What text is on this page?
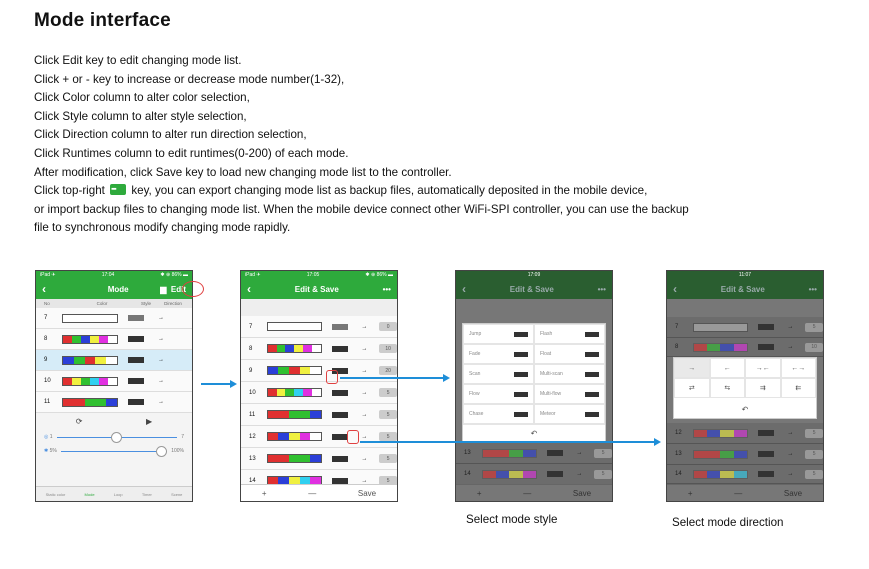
Mode interface
Click Edit key to edit changing mode list.
Click + or - key to increase or decrease mode number(1-32),
Click Color column to alter color selection,
Click Style column to alter style selection,
Click Direction column to alter run direction selection,
Click Runtimes column to edit runtimes(0-200) of each mode.
After modification, click Save key to load new changing mode list to the controller.
Click top-right ▪▪▪ key, you can export changing mode list as backup files, automatically deposited in the mobile device,
or import backup files to changing mode list. When the mobile device connect other WiFi-SPI controller, you can use the backup
file to synchronous modify changing mode rapidly.
iPad ✈	17:04	✱ ⊕ 86% ▬
‹	Mode	▆ Edit
No	Color	Style	Direction
7	→
8	→
9	→
10	→
11	→
⟳	▶
◎
1	7
✱
5%	100%
Static color	Mode	Loop	Timer	Scene
iPad ✈	17:05	✱ ⊕ 86% ▬
‹	Edit & Save	•••
7	→	0
8	→	10
9	→	20
10	→	5
11	→	5
12	→	5
13	→	5
14	→	5
+	—	Save
17:09
‹	Edit & Save	•••
13	→	5
14	→	5
+	—	Save
Jump	Flash
Fade	Float
Scan	Multi-scan
Flow	Multi-flow
Chase	Meteor
↶
11:07
‹	Edit & Save	•••
7	→	5
8	→	10
12	→	5
13	→	5
14	→	5
+	—	Save
→	←	→←	←→
⇄	⇆	⇉	⇇
↶
Select mode style	Select mode direction
